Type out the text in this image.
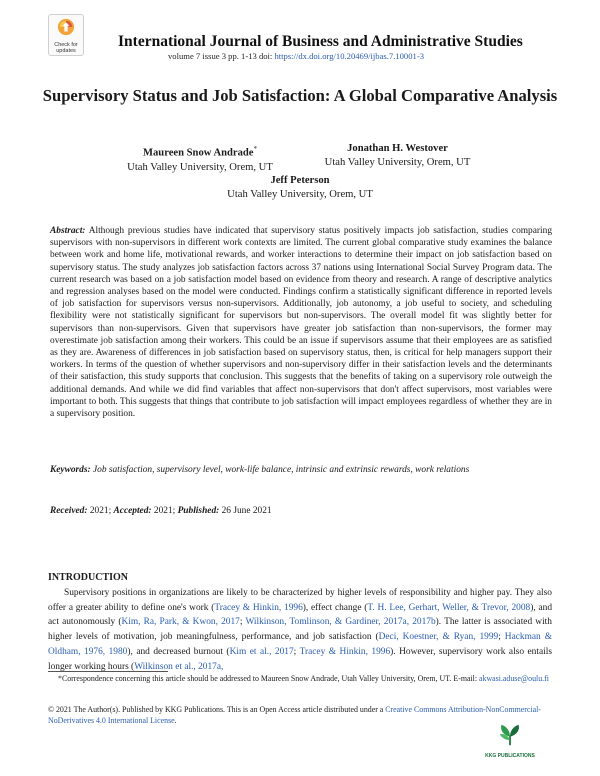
Check for
updates
International Journal of Business and Administrative Studies
volume 7 issue 3 pp. 1-13 doi: https://dx.doi.org/10.20469/ijbas.7.10001-3
Supervisory Status and Job Satisfaction: A Global Comparative Analysis
Maureen Snow Andrade*
Utah Valley University, Orem, UT
Jonathan H. Westover
Utah Valley University, Orem, UT
Jeff Peterson
Utah Valley University, Orem, UT
Abstract: Although previous studies have indicated that supervisory status positively impacts job satisfaction, studies comparing supervisors with non-supervisors in different work contexts are limited. The current global comparative study examines the balance between work and home life, motivational rewards, and worker interactions to determine their impact on job satisfaction based on supervisory status. The study analyzes job satisfaction factors across 37 nations using International Social Survey Program data. The current research was based on a job satisfaction model based on evidence from theory and research. A range of descriptive analytics and regression analyses based on the model were conducted. Findings confirm a statistically significant difference in reported levels of job satisfaction for supervisors versus non-supervisors. Additionally, job autonomy, a job useful to society, and scheduling flexibility were not statistically significant for supervisors but non-supervisors. The overall model fit was slightly better for supervisors than non-supervisors. Given that supervisors have greater job satisfaction than non-supervisors, the former may overestimate job satisfaction among their workers. This could be an issue if supervisors assume that their employees are as satisfied as they are. Awareness of differences in job satisfaction based on supervisory status, then, is critical for help managers support their workers. In terms of the question of whether supervisors and non-supervisory differ in their satisfaction levels and the determinants of their satisfaction, this study supports that conclusion. This suggests that the benefits of taking on a supervisory role outweigh the additional demands. And while we did find variables that affect non-supervisors that don't affect supervisors, most variables were important to both. This suggests that things that contribute to job satisfaction will impact employees regardless of whether they are in a supervisory position.
Keywords: Job satisfaction, supervisory level, work-life balance, intrinsic and extrinsic rewards, work relations
Received: 2021; Accepted: 2021; Published: 26 June 2021
INTRODUCTION
Supervisory positions in organizations are likely to be characterized by higher levels of responsibility and higher pay. They also offer a greater ability to define one's work (Tracey & Hinkin, 1996), effect change (T. H. Lee, Gerhart, Weller, & Trevor, 2008), and act autonomously (Kim, Ra, Park, & Kwon, 2017; Wilkinson, Tomlinson, & Gardiner, 2017a, 2017b). The latter is associated with higher levels of motivation, job meaningfulness, performance, and job satisfaction (Deci, Koestner, & Ryan, 1999; Hackman & Oldham, 1976, 1980), and decreased burnout (Kim et al., 2017; Tracey & Hinkin, 1996). However, supervisory work also entails longer working hours (Wilkinson et al., 2017a,
*Correspondence concerning this article should be addressed to Maureen Snow Andrade, Utah Valley University, Orem, UT. E-mail: akwasi.aduse@oulu.fi
© 2021 The Author(s). Published by KKG Publications. This is an Open Access article distributed under a Creative Commons Attribution-NonCommercial-NoDerivatives 4.0 International License.
KKG PUBLICATIONS
